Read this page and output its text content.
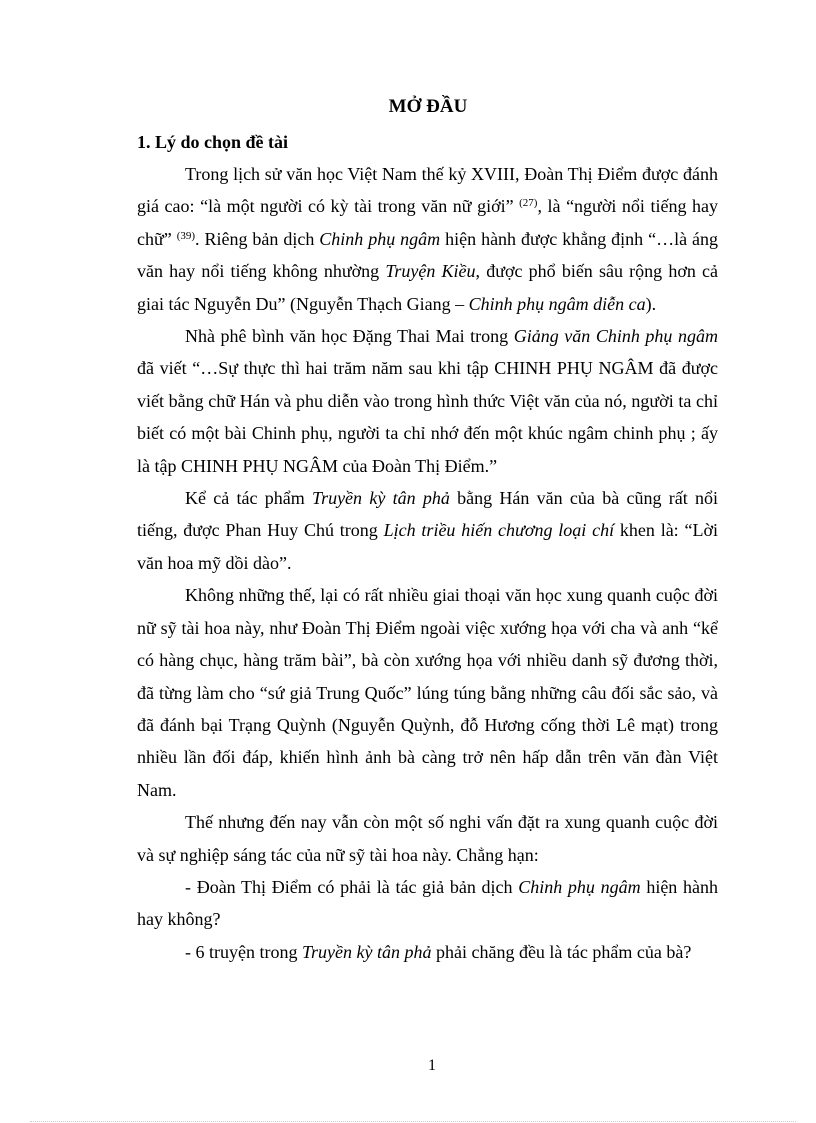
MỞ ĐẦU
1. Lý do chọn đề tài

Trong lịch sử văn học Việt Nam thế kỷ XVIII, Đoàn Thị Điểm được đánh giá cao: “là một người có kỳ tài trong văn nữ giới” $^{(27)}$, là “người nổi tiếng hay chữ” $^{(39)}$. Riêng bản dịch Chinh phụ ngâm hiện hành được khẳng định “…là áng văn hay nổi tiếng không nhường Truyện Kiều, được phổ biến sâu rộng hơn cả giai tác Nguyễn Du” (Nguyễn Thạch Giang – Chinh phụ ngâm diễn ca).

Nhà phê bình văn học Đặng Thai Mai trong Giảng văn Chinh phụ ngâm đã viết “…Sự thực thì hai trăm năm sau khi tập CHINH PHỤ NGÂM đã được viết bằng chữ Hán và phu diễn vào trong hình thức Việt văn của nó, người ta chỉ biết có một bài Chinh phụ, người ta chỉ nhớ đến một khúc ngâm chinh phụ ; ấy là tập CHINH PHỤ NGÂM của Đoàn Thị Điểm.”

Kể cả tác phẩm Truyền kỳ tân phả bằng Hán văn của bà cũng rất nổi tiếng, được Phan Huy Chú trong Lịch triều hiến chương loại chí khen là: “Lời văn hoa mỹ dồi dào”.

Không những thế, lại có rất nhiều giai thoại văn học xung quanh cuộc đời nữ sỹ tài hoa này, như Đoàn Thị Điểm ngoài việc xướng họa với cha và anh “kể có hàng chục, hàng trăm bài”, bà còn xướng họa với nhiều danh sỹ đương thời, đã từng làm cho “sứ giả Trung Quốc” lúng túng bằng những câu đối sắc sảo, và đã đánh bại Trạng Quỳnh (Nguyễn Quỳnh, đỗ Hương cống thời Lê mạt) trong nhiều lần đối đáp, khiến hình ảnh bà càng trở nên hấp dẫn trên văn đàn Việt Nam.

Thế nhưng đến nay vẫn còn một số nghi vấn đặt ra xung quanh cuộc đời và sự nghiệp sáng tác của nữ sỹ tài hoa này. Chẳng hạn:

- Đoàn Thị Điểm có phải là tác giả bản dịch Chinh phụ ngâm hiện hành hay không?

- 6 truyện trong Truyền kỳ tân phả phải chăng đều là tác phẩm của bà?

1
